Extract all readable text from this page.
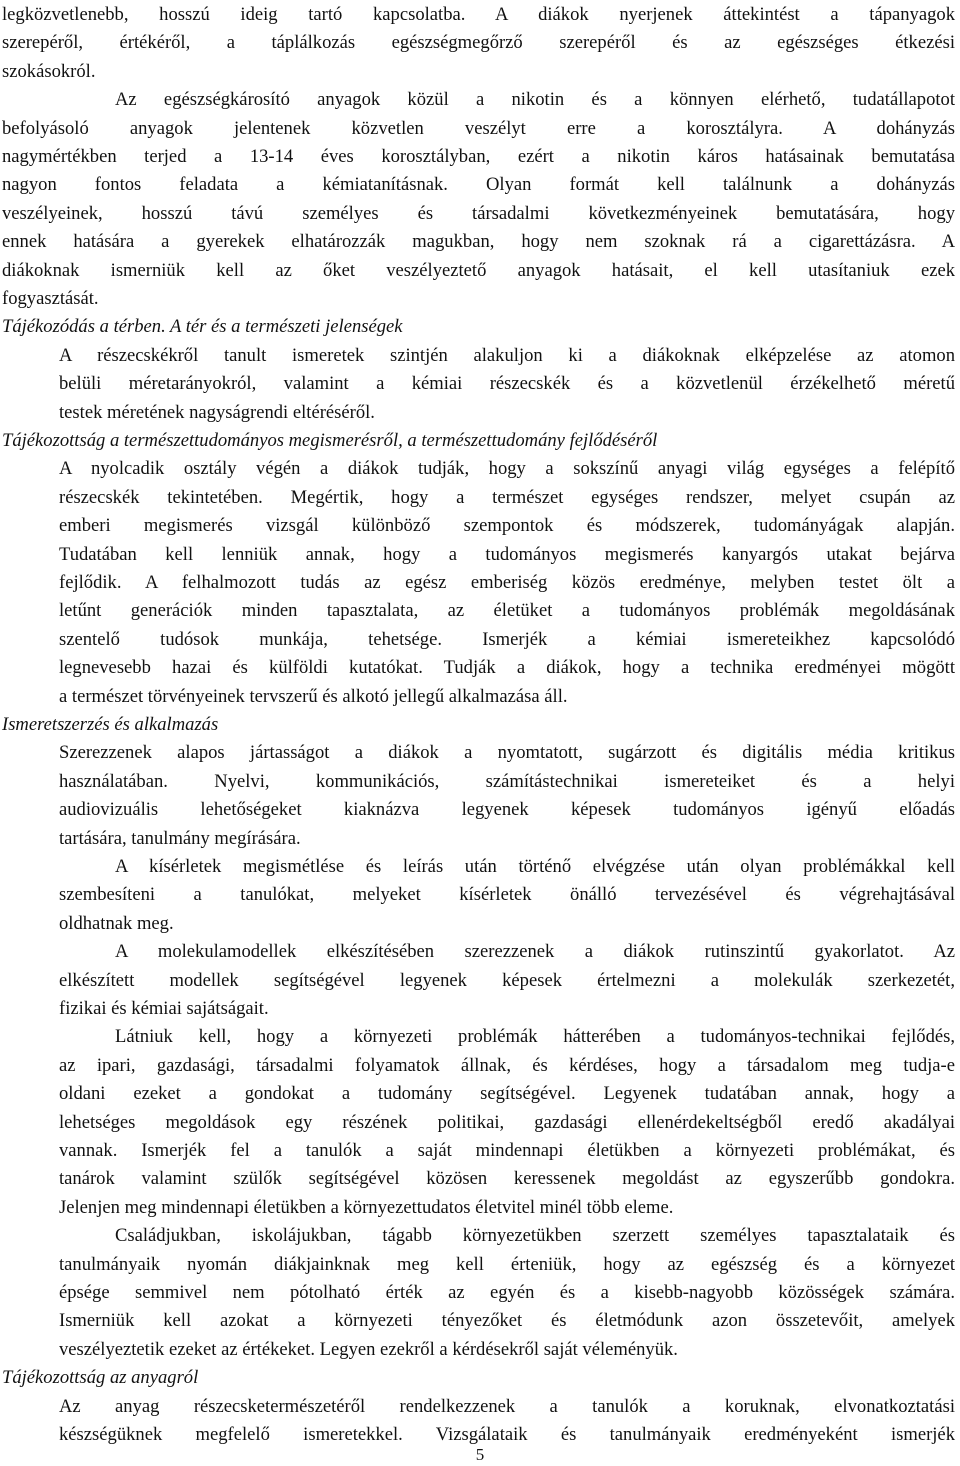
legközvetlenebb, hosszú ideig tartó kapcsolatba. A diákok nyerjenek áttekintést a tápanyagok
szerepéről, értékéről, a táplálkozás egészségmegőrző szerepéről és az egészséges étkezési
szokásokról.
Az egészségkárosító anyagok közül a nikotin és a könnyen elérhető, tudatállapotot
befolyásoló anyagok jelentenek közvetlen veszélyt erre a korosztályra. A dohányzás
nagymértékben terjed a 13-14 éves korosztályban, ezért a nikotin káros hatásainak bemutatása
nagyon fontos feladata a kémiatanításnak. Olyan formát kell találnunk a dohányzás
veszélyeinek, hosszú távú személyes és társadalmi következményeinek bemutatására, hogy
ennek hatására a gyerekek elhatározzák magukban, hogy nem szoknak rá a cigarettázásra. A
diákoknak ismerniük kell az őket veszélyeztető anyagok hatásait, el kell utasítaniuk ezek
fogyasztását.
Tájékozódás a térben. A tér és a természeti jelenségek
A részecskékről tanult ismeretek szintjén alakuljon ki a diákoknak elképzelése az atomon
belüli méretarányokról, valamint a kémiai részecskék és a közvetlenül érzékelhető méretű
testek méretének nagyságrendi eltéréséről.
Tájékozottság a természettudományos megismerésről, a természettudomány fejlődéséről
A nyolcadik osztály végén a diákok tudják, hogy a sokszínű anyagi világ egységes a felépítő
részecskék tekintetében. Megértik, hogy a természet egységes rendszer, melyet csupán az
emberi megismerés vizsgál különböző szempontok és módszerek, tudományágak alapján.
Tudatában kell lenniük annak, hogy a tudományos megismerés kanyargós utakat bejárva
fejlődik. A felhalmozott tudás az egész emberiség közös eredménye, melyben testet ölt a
letűnt generációk minden tapasztalata, az életüket a tudományos problémák megoldásának
szentelő tudósok munkája, tehetsége. Ismerjék a kémiai ismereteikhez kapcsolódó
legnevesebb hazai és külföldi kutatókat. Tudják a diákok, hogy a technika eredményei mögött
a természet törvényeinek tervszerű és alkotó jellegű alkalmazása áll.
Ismeretszerzés és alkalmazás
Szerezzenek alapos jártasságot a diákok a nyomtatott, sugárzott és digitális média kritikus
használatában. Nyelvi, kommunikációs, számítástechnikai ismereteiket és a helyi
audiovizuális lehetőségeket kiaknázva legyenek képesek tudományos igényű előadás
tartására, tanulmány megírására.
A kísérletek megismétlése és leírás után történő elvégzése után olyan problémákkal kell
szembesíteni a tanulókat, melyeket kísérletek önálló tervezésével és végrehajtásával
oldhatnak meg.
A molekulamodellek elkészítésében szerezzenek a diákok rutinszintű gyakorlatot. Az
elkészített modellek segítségével legyenek képesek értelmezni a molekulák szerkezetét,
fizikai és kémiai sajátságait.
Látniuk kell, hogy a környezeti problémák hátterében a tudományos-technikai fejlődés,
az ipari, gazdasági, társadalmi folyamatok állnak, és kérdéses, hogy a társadalom meg tudja-e
oldani ezeket a gondokat a tudomány segítségével. Legyenek tudatában annak, hogy a
lehetséges megoldások egy részének politikai, gazdasági ellenérdekeltségből eredő akadályai
vannak. Ismerjék fel a tanulók a saját mindennapi életükben a környezeti problémákat, és
tanárok valamint szülők segítségével közösen keressenek megoldást az egyszerűbb gondokra.
Jelenjen meg mindennapi életükben a környezettudatos életvitel minél több eleme.
Családjukban, iskolájukban, tágabb környezetükben szerzett személyes tapasztalataik és
tanulmányaik nyomán diákjainknak meg kell érteniük, hogy az egészség és a környezet
épsége semmivel nem pótolható érték az egyén és a kisebb-nagyobb közösségek számára.
Ismerniük kell azokat a környezeti tényezőket és életmódunk azon összetevőit, amelyek
veszélyeztetik ezeket az értékeket. Legyen ezekről a kérdésekről saját véleményük.
Tájékozottság az anyagról
Az anyag részecsketermészetéről rendelkezzenek a tanulók a koruknak, elvonatkoztatási
készségüknek megfelelő ismeretekkel. Vizsgálataik és tanulmányaik eredményeként ismerjék
5
